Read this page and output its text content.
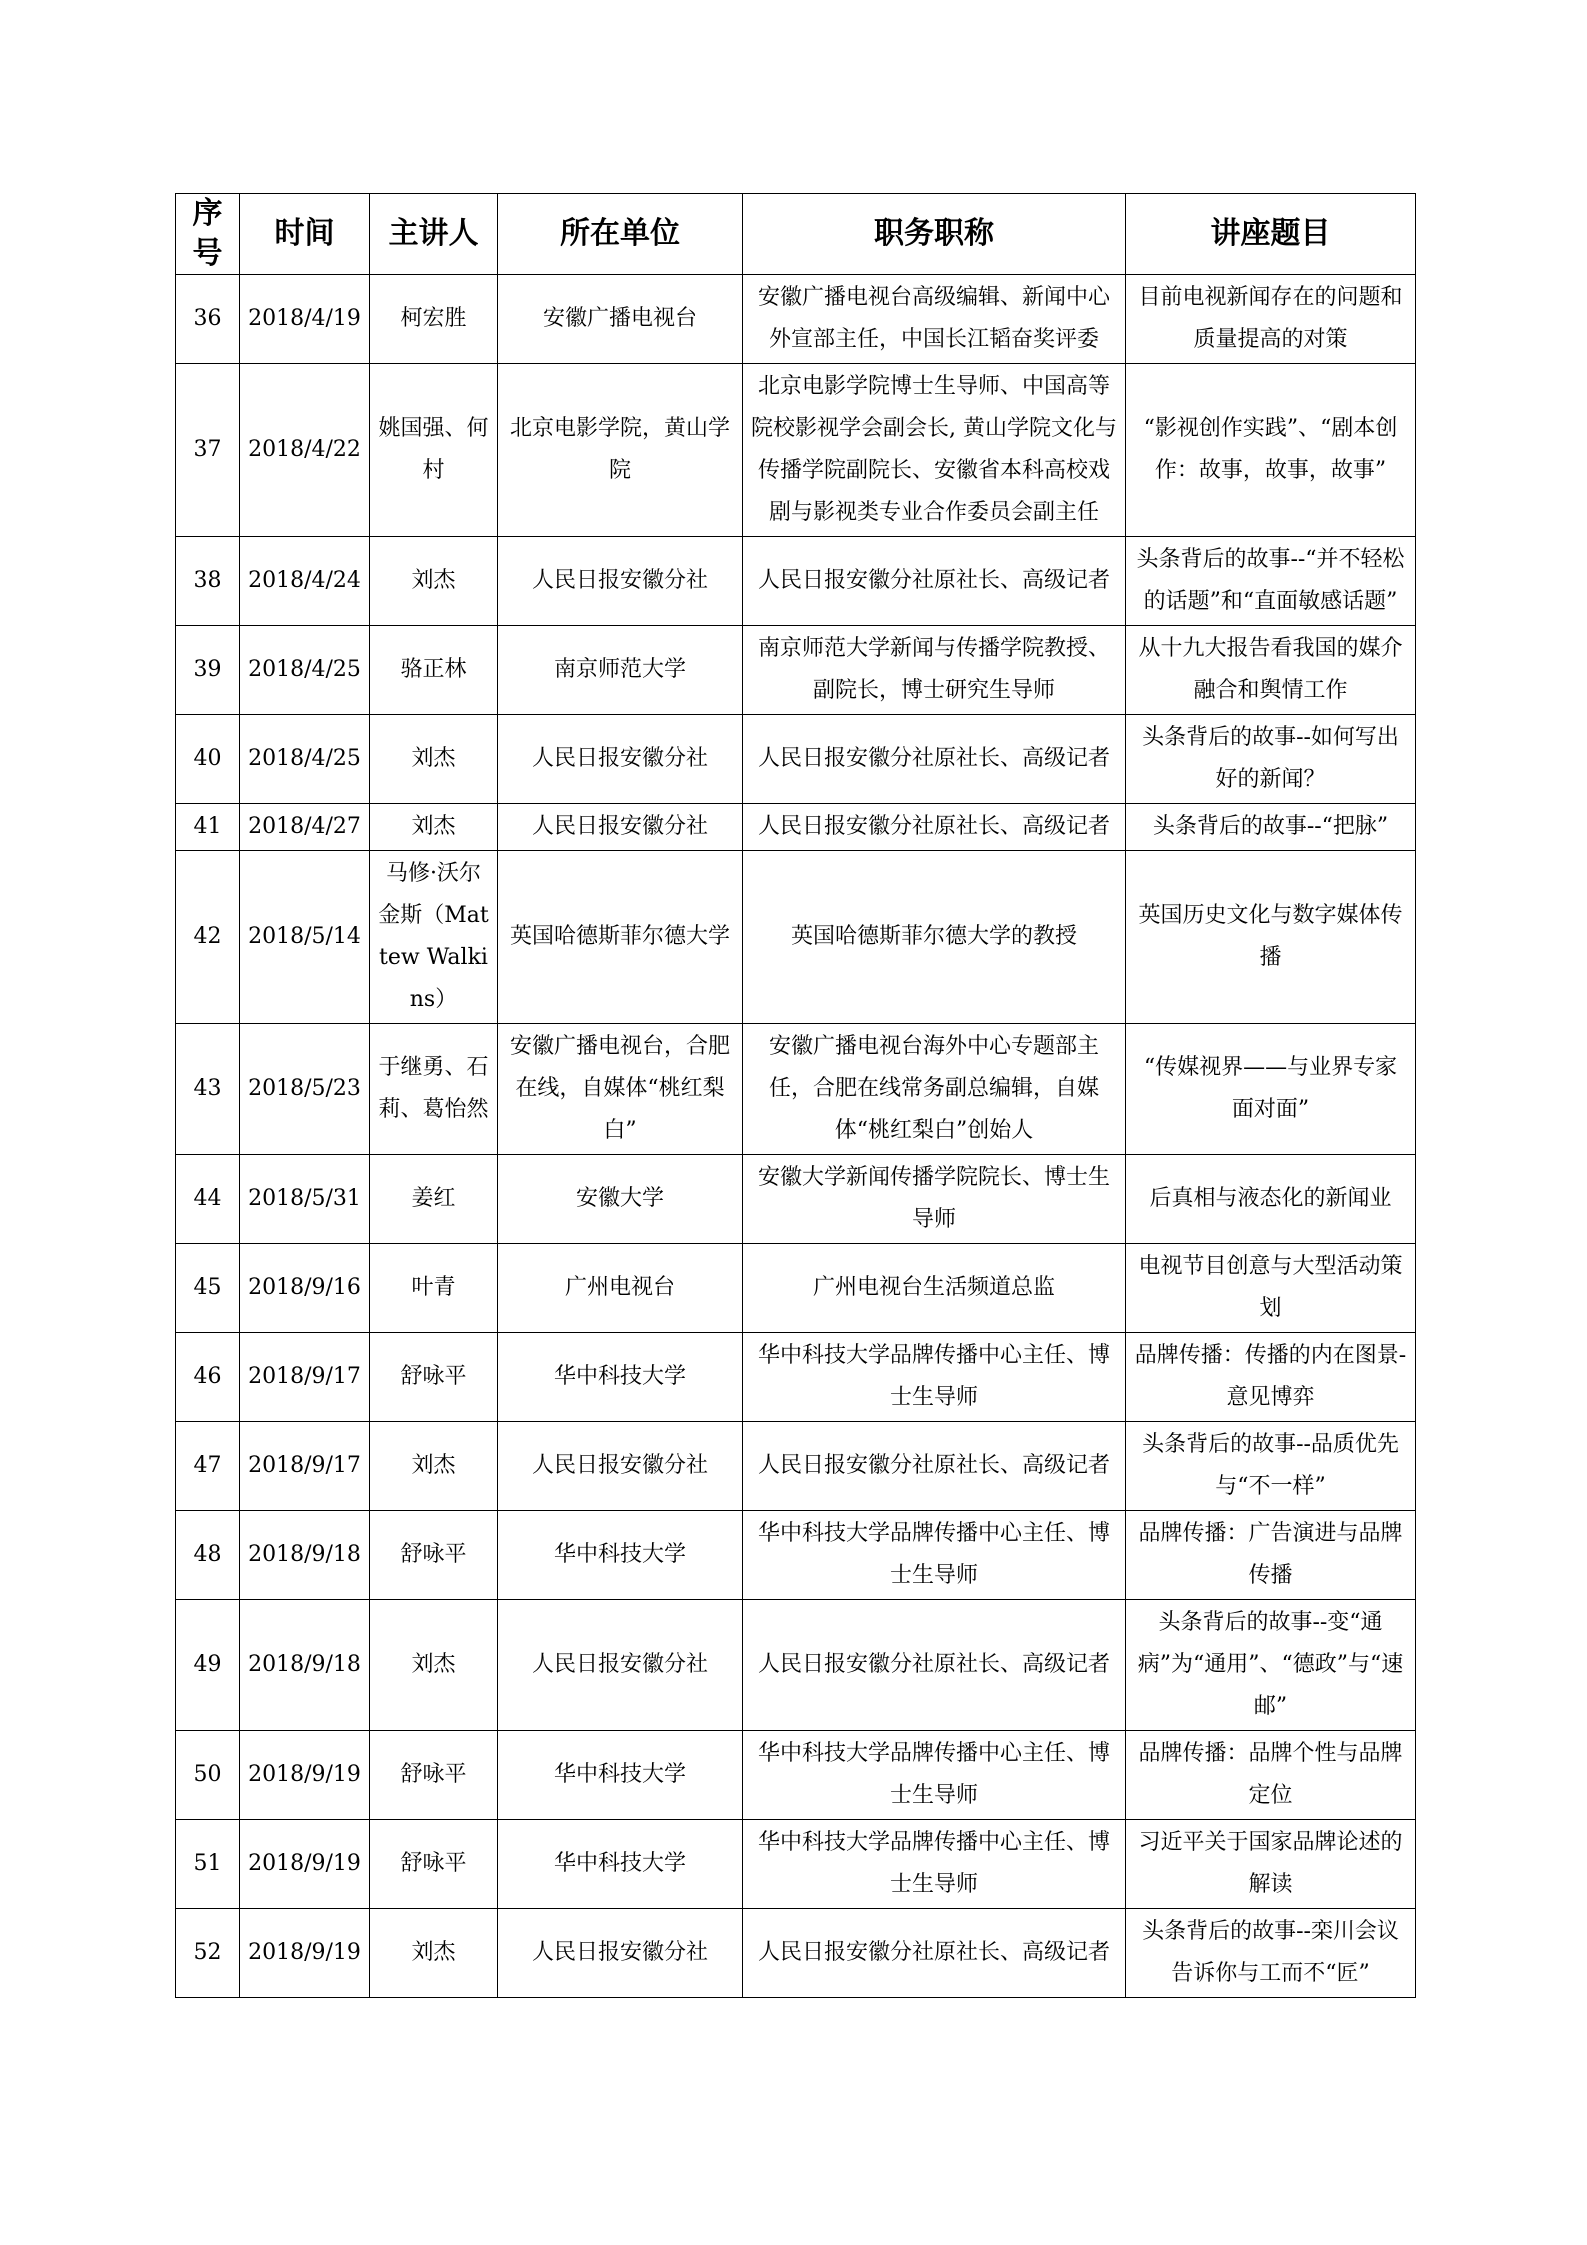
序号	时间	主讲人	所在单位	职务职称	讲座题目
36	2018/4/19	柯宏胜	安徽广播电视台	安徽广播电视台高级编辑、新闻中心外宣部主任，中国长江韬奋奖评委	目前电视新闻存在的问题和质量提高的对策
37	2018/4/22	姚国强、何村	北京电影学院，黄山学院	北京电影学院博士生导师、中国高等院校影视学会副会长, 黄山学院文化与传播学院副院长、安徽省本科高校戏剧与影视类专业合作委员会副主任	“影视创作实践”、“剧本创作：故事，故事，故事”
38	2018/4/24	刘杰	人民日报安徽分社	人民日报安徽分社原社长、高级记者	头条背后的故事--“并不轻松的话题”和“直面敏感话题”
39	2018/4/25	骆正林	南京师范大学	南京师范大学新闻与传播学院教授、副院长，博士研究生导师	从十九大报告看我国的媒介融合和舆情工作
40	2018/4/25	刘杰	人民日报安徽分社	人民日报安徽分社原社长、高级记者	头条背后的故事--如何写出好的新闻？
41	2018/4/27	刘杰	人民日报安徽分社	人民日报安徽分社原社长、高级记者	头条背后的故事--“把脉”
42	2018/5/14	马修·沃尔金斯（Mattew Walkins）	英国哈德斯菲尔德大学	英国哈德斯菲尔德大学的教授	英国历史文化与数字媒体传播
43	2018/5/23	于继勇、石莉、葛怡然	安徽广播电视台，合肥在线，自媒体“桃红梨白”	安徽广播电视台海外中心专题部主任，合肥在线常务副总编辑，自媒体“桃红梨白”创始人	“传媒视界——与业界专家面对面”
44	2018/5/31	姜红	安徽大学	安徽大学新闻传播学院院长、博士生导师	后真相与液态化的新闻业
45	2018/9/16	叶青	广州电视台	广州电视台生活频道总监	电视节目创意与大型活动策划
46	2018/9/17	舒咏平	华中科技大学	华中科技大学品牌传播中心主任、博士生导师	品牌传播：传播的内在图景-意见博弈
47	2018/9/17	刘杰	人民日报安徽分社	人民日报安徽分社原社长、高级记者	头条背后的故事--品质优先与“不一样”
48	2018/9/18	舒咏平	华中科技大学	华中科技大学品牌传播中心主任、博士生导师	品牌传播：广告演进与品牌传播
49	2018/9/18	刘杰	人民日报安徽分社	人民日报安徽分社原社长、高级记者	头条背后的故事--变“通病”为“通用”、“德政”与“速邮”
50	2018/9/19	舒咏平	华中科技大学	华中科技大学品牌传播中心主任、博士生导师	品牌传播：品牌个性与品牌定位
51	2018/9/19	舒咏平	华中科技大学	华中科技大学品牌传播中心主任、博士生导师	习近平关于国家品牌论述的解读
52	2018/9/19	刘杰	人民日报安徽分社	人民日报安徽分社原社长、高级记者	头条背后的故事--栾川会议告诉你与工而不“匠”
